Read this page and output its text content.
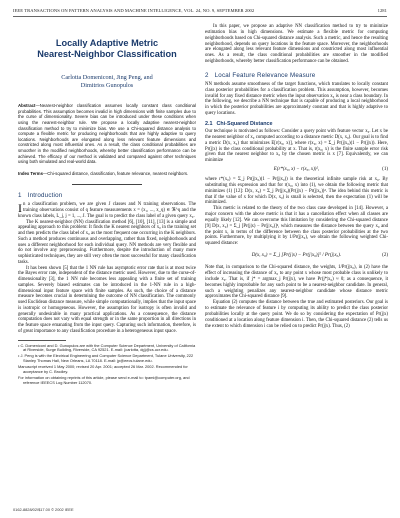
IEEE TRANSACTIONS ON PATTERN ANALYSIS AND MACHINE INTELLIGENCE, VOL. 24, NO. 9, SEPTEMBER 2002	1281
Locally Adaptive Metric
Nearest-Neighbor Classification
Carlotta Domeniconi, Jing Peng, and
Dimitrios Gunopulos
Abstract—Nearest-neighbor classification assumes locally constant class conditional probabilities. This assumption becomes invalid in high dimensions with finite samples due to the curse of dimensionality. Severe bias can be introduced under these conditions when using the nearest-neighbor rule. We propose a locally adaptive nearest-neighbor classification method to try to minimize bias. We use a Chi-squared distance analysis to compute a flexible metric for producing neighborhoods that are highly adaptive to query locations. Neighborhoods are elongated along less relevant feature dimensions and constricted along most influential ones. As a result, the class conditional probabilities are smoother in the modified neighborhoods, whereby better classification performance can be achieved. The efficacy of our method is validated and compared against other techniques using both simulated and real-world data.
Index Terms—Chi-squared distance, classification, feature relevance, nearest neighbors.
1 Introduction

In a classification problem, we are given J classes and N training observations. The training observations consist of q feature measurements x = (x₁, ..., x_q) ∈ ℜ^q and the known class labels, L_j, j = 1, ..., J. The goal is to predict the class label of a given query x₀.

The K nearest-neighbor (NN) classification method [6], [10], [11], [13] is a simple and appealing approach to this problem: It finds the K nearest neighbors of x₀ in the training set and then predicts the class label of x₀ as the most frequent one occurring in the K neighbors. Such a method produces continuous and overlapping, rather than fixed, neighborhoods and uses a different neighborhood for each individual query. NN methods are very flexible and do not involve any preprocessing. Furthermore, despite the introduction of many more sophisticated techniques, they are still very often the most successful for many classification tasks.

It has been shown [5] that the 1 NN rule has asymptotic error rate that is at most twice the Bayes error rate, independent of the distance metric used. However, due to the curse-of-dimensionality [3], the 1 NN rule becomes less appealing with a finite set of training samples. Severely biased estimates can be introduced in the 1-NN rule in a high-dimensional input feature space with finite samples. As such, the choice of a distance measure becomes crucial in determining the outcome of NN classification. The commonly used Euclidean distance measure, while simple computationally, implies that the input space is isotropic or homogeneous. However, the assumption for isotropy is often invalid and generally undesirable in many practical applications. As a consequence, the distance computation does not vary with equal strength or in the same proportion in all directions in the feature space emanating from the input query. Capturing such information, therefore, is of great importance to any classification procedure in a heterogeneous input space.

• C. Domeniconi and D. Gunopulos are with the Computer Science Department, University of California at Riverside, Surge Building, Riverside, CA 92521. E-mail: {carlotta, dg}@cs.ucr.edu.
• J. Peng is with the Electrical Engineering and Computer Science Department, Tulane University, 222 Stanley Thomas Hall, New Orleans, LA 70118. E-mail: jp@eecs.tulane.edu.
Manuscript received 1 May 2000; revised 20 Apr. 2001; accepted 26 Mar. 2002. Recommended for acceptance by C. Brodley.
For information on obtaining reprints of this article, please send e-mail to: tpami@computer.org, and reference IEEECS Log Number 112070.

In this paper, we propose an adaptive NN classification method to try to minimize estimation bias in high dimensions. We estimate a flexible metric for computing neighborhoods based on Chi-squared distance analysis. Such a metric, and hence the resulting neighborhood, depends on query locations in the feature space. Moreover, the neighborhoods are elongated along less relevant feature dimensions and constricted along most influential ones. As a result, the class conditional probabilities are smoother in the modified neighborhoods, whereby better classification performance can be obtained.

2 Local Feature Relevance Measure

NN methods assume smoothness of the target functions, which translates to locally constant class posterior probabilities for a classification problem. This assumption, however, becomes invalid for any fixed distance metric when the input observation x₀ is near a class boundary. In the following, we describe a NN technique that is capable of producing a local neighborhood in which the posterior probabilities are approximately constant and that is highly adaptive to query locations.

2.1 Chi-Squared Distance

Our technique is motivated as follows: Consider a query point with feature vector x₀. Let x be the nearest neighbor of x₀ computed according to a distance metric D(x, x₀). Our goal is to find a metric D(x, x₀) that minimizes E[r(x₀, x)], where r(x₀, x) = Σ_j Pr(j|x₀)(1 − Pr(j|x)). Here, Pr(j|x) is the class conditional probability at x. That is, r(x₀, x) is the finite sample error risk given that the nearest neighbor to x₀ by the chosen metric is x [7]. Equivalently, we can minimize

E(r*(x₀, x) − r(x₀, x))²,	(1)

where r*(x₀) = Σ_j Pr(j|x₀)(1 − Pr(j|x₀)) is the theoretical infinite sample risk at x₀. By substituting this expression and that for r(x₀, x) into (1), we obtain the following metric that minimizes (1) [12]: D(x, x₀) = Σ_j Pr(j|x₀)(Pr(j|x) − Pr(j|x₀))². The idea behind this metric is that if the value of x for which D(x, x₀) is small is selected, then the expectation (1) will be minimized.

This metric is related to the theory of the two class case developed in [14]. However, a major concern with the above metric is that it has a cancellation effect when all classes are equally likely [12]. We can overcome this limitation by considering the Chi-squared distance [9] D(x, x₀) = Σ_j [Pr(j|x) − Pr(j|x₀)]², which measures the distance between the query x₀ and the point x, in terms of the difference between the class posterior probabilities at the two points. Furthermore, by multiplying it by 1/Pr(j|x₀), we obtain the following weighted Chi-squared distance:

D(x, x₀) = Σ_j [Pr(j|x) − Pr(j|x₀)]² / Pr(j|x₀).	(2)

Note that, in comparison to the Chi-squared distance, the weights, 1/Pr(j|x₀), in (2) have the effect of increasing the distance of x₀ to any point x whose most probable class is unlikely to include x₀. That is, if j* = argmax_j Pr(j|x), we have Pr(j*|x₀) ≈ 0; as a consequence, it becomes highly improbable for any such point to be a nearest-neighbor candidate. In general, such a weighting penalizes any nearest-neighbor candidate whose distance metric approximates the Chi-squared distance [9].

Equation (2) computes the distance between the true and estimated posteriors. Our goal is to estimate the relevance of feature i by computing its ability to predict the class posterior probabilities locally at the query point. We do so by considering the expectation of Pr(j|x) conditioned at a location along feature dimension i. Then, the Chi-squared distance (2) tells us the extent to which dimension i can be relied on to predict Pr(j|x). Thus, (2)

0162-8828/02/$17.00 © 2002 IEEE
